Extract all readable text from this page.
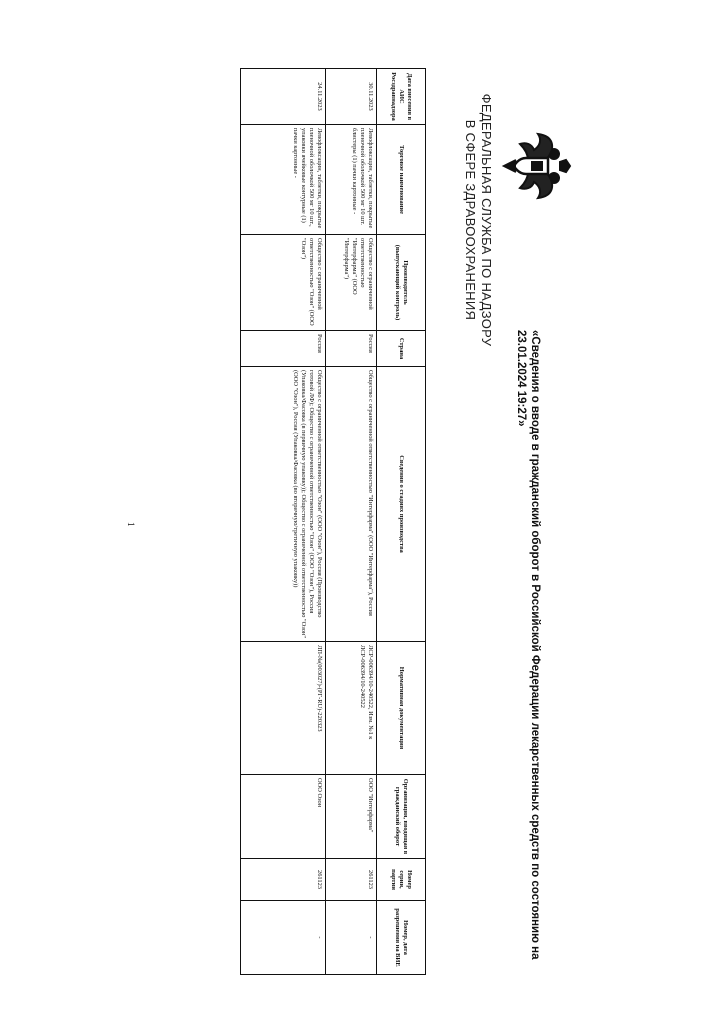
ФЕДЕРАЛЬНАЯ СЛУЖБА ПО НАДЗОРУ
В СФЕРЕ ЗДРАВООХРАНЕНИЯ
«Сведения о вводе в гражданский оборот в Российской Федерации лекарственных средств по состоянию на 23.01.2024 19:27»
Дата внесения в АИС Росздравнадзора	Торговое наименование	Производитель (выпускающий контроль)	Страна	Сведения о стадиях производства	Нормативная документация	Организация, вводящая в гражданский оборот	Номер серии, партии	Номер, дата разрешения на ВИЕ
30.11.2023	Левофлоксацин, таблетки, покрытые пленочной оболочкой 500 мг 10 шт. блистеры (1) пачки картонные -	Общество с ограниченной ответственностью "Интерфарма" (ООО "Интерфарма")	Россия	Общество с ограниченной ответственностью "Интерфарма" (ООО "Интерфарма"), Россия	ЛСР-006394/10-240522, Изм. №1 к ЛСР-006394/10-240522	ООО "Интерфарма"	261123	-
24.11.2023	Левофлоксацин, таблетки, покрытые пленочной оболочкой 500 мг 10 шт., упаковки ячейковые контурные (1) пачки картонные -	Общество с ограниченной ответственностью "Озон" (ООО "Озон")	Россия	Общество с ограниченной ответственностью "Озон" (ООО "Озон"), Россия (Производство готовой ЛФ); Общество с ограниченной ответственностью "Озон" (ООО "Озон"), Россия (Упаковка/Фасовка (в первичную упаковку)); Общество с ограниченной ответственностью "Озон" (ООО "Озон"), Россия (Упаковка/Фасовка (во вторичную/третичную упаковку))	ЛП-№(003027)-(РГ-RU)-220323	ООО Озон	261123	-
1
